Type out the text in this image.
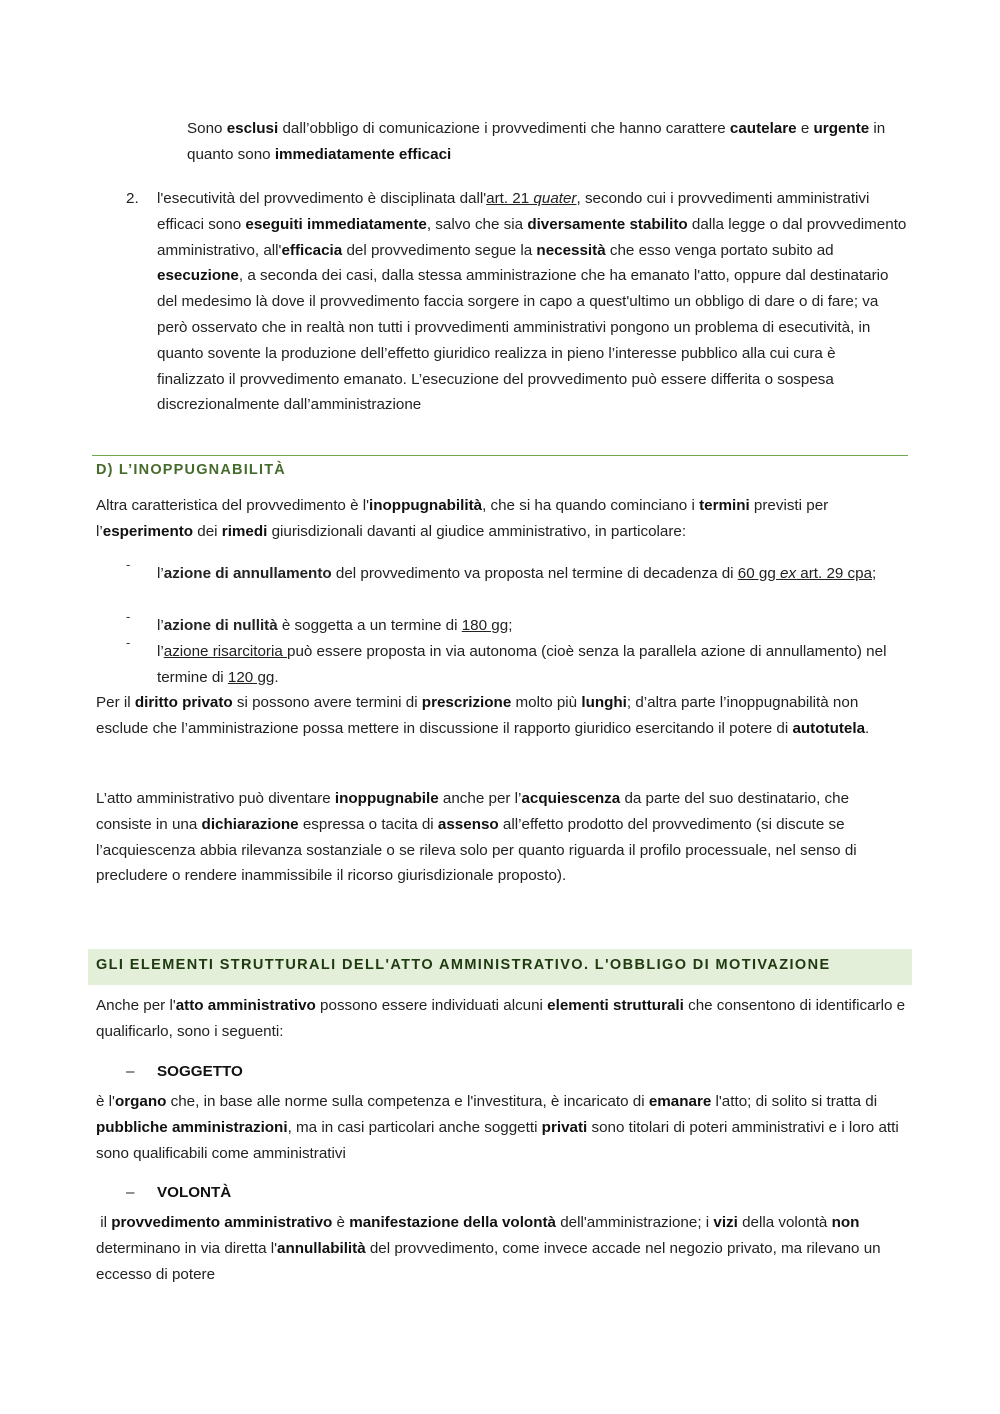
Sono esclusi dall’obbligo di comunicazione i provvedimenti che hanno carattere cautelare e urgente in quanto sono immediatamente efficaci

2. l'esecutività del provvedimento è disciplinata dall'art. 21 quater, secondo cui i provvedimenti amministrativi efficaci sono eseguiti immediatamente, salvo che sia diversamente stabilito dalla legge o dal provvedimento amministrativo, all'efficacia del provvedimento segue la necessità che esso venga portato subito ad esecuzione, a seconda dei casi, dalla stessa amministrazione che ha emanato l'atto, oppure dal destinatario del medesimo là dove il provvedimento faccia sorgere in capo a quest'ultimo un obbligo di dare o di fare; va però osservato che in realtà non tutti i provvedimenti amministrativi pongono un problema di esecutività, in quanto sovente la produzione dell’effetto giuridico realizza in pieno l’interesse pubblico alla cui cura è finalizzato il provvedimento emanato. L’esecuzione del provvedimento può essere differita o sospesa discrezionalmente dall’amministrazione

D) L’INOPPUGNABILITÀ

Altra caratteristica del provvedimento è l'inoppugnabilità, che si ha quando cominciano i termini previsti per l’esperimento dei rimedi giurisdizionali davanti al giudice amministrativo, in particolare:

-

l’azione di annullamento del provvedimento va proposta nel termine di decadenza di 60 gg ex art. 29 cpa;

-

l’azione di nullità è soggetta a un termine di 180 gg;

-

l’azione risarcitoria può essere proposta in via autonoma (cioè senza la parallela azione di annullamento) nel termine di 120 gg.

Per il diritto privato si possono avere termini di prescrizione molto più lunghi; d’altra parte l’inoppugnabilità non esclude che l’amministrazione possa mettere in discussione il rapporto giuridico esercitando il potere di autotutela.

L’atto amministrativo può diventare inoppugnabile anche per l’acquiescenza da parte del suo destinatario, che consiste in una dichiarazione espressa o tacita di assenso all’effetto prodotto del provvedimento (si discute se l’acquiescenza abbia rilevanza sostanziale o se rileva solo per quanto riguarda il profilo processuale, nel senso di precludere o rendere inammissibile il ricorso giurisdizionale proposto).

GLI ELEMENTI STRUTTURALI DELL'ATTO AMMINISTRATIVO. L'OBBLIGO DI MOTIVAZIONE

Anche per l'atto amministrativo possono essere individuati alcuni elementi strutturali che consentono di identificarlo e qualificarlo, sono i seguenti:

– SOGGETTO

è l'organo che, in base alle norme sulla competenza e l'investitura, è incaricato di emanare l'atto; di solito si tratta di pubbliche amministrazioni, ma in casi particolari anche soggetti privati sono titolari di poteri amministrativi e i loro atti sono qualificabili come amministrativi

– VOLONTÀ

il provvedimento amministrativo è manifestazione della volontà dell'amministrazione; i vizi della volontà non determinano in via diretta l'annullabilità del provvedimento, come invece accade nel negozio privato, ma rilevano un eccesso di potere
